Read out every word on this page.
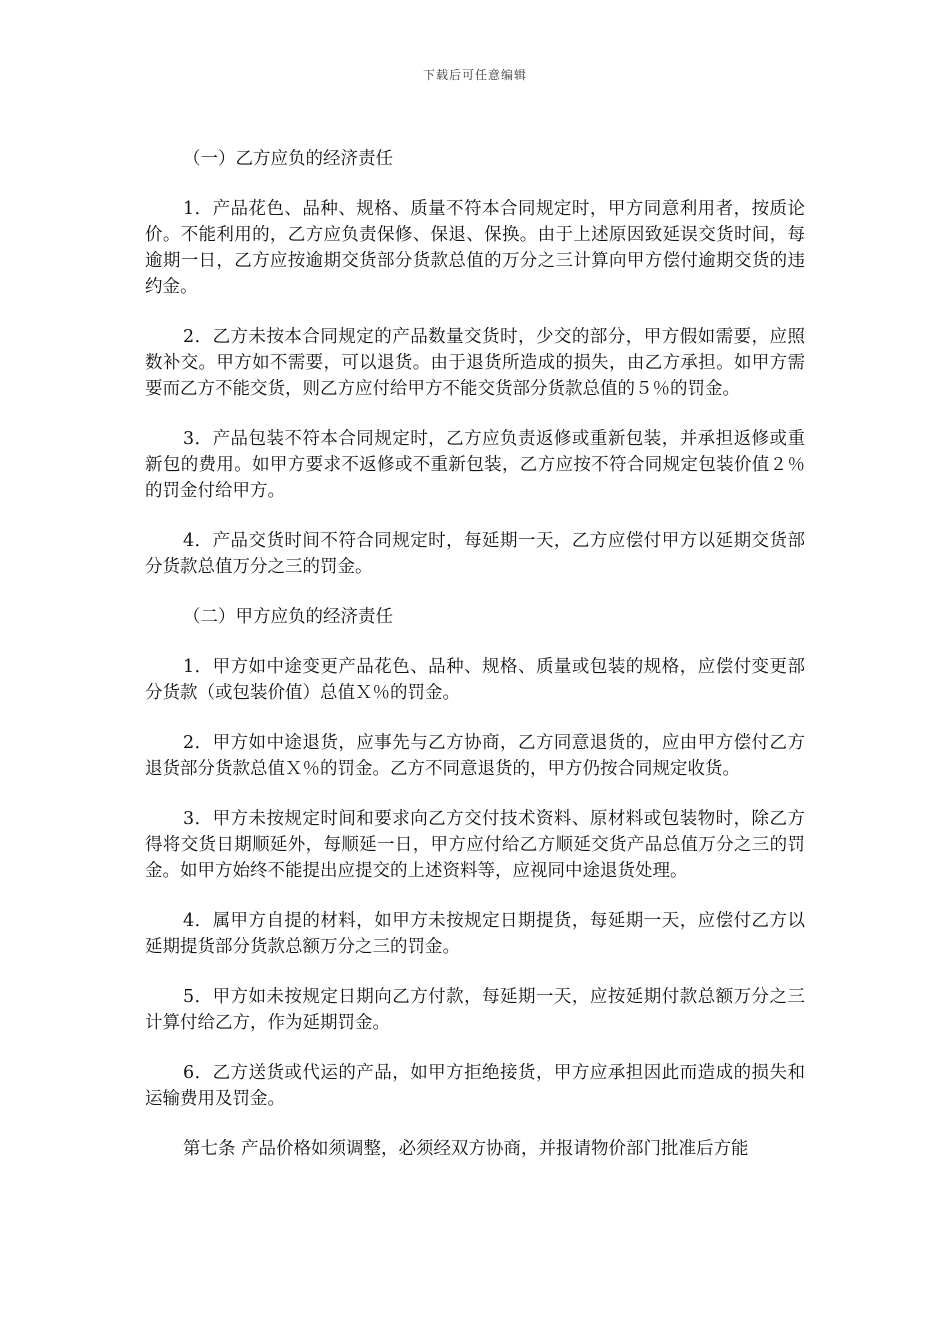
下载后可任意编辑

（一）乙方应负的经济责任

1．产品花色、品种、规格、质量不符本合同规定时，甲方同意利用者，按质论价。不能利用的，乙方应负责保修、保退、保换。由于上述原因致延误交货时间，每逾期一日，乙方应按逾期交货部分货款总值的万分之三计算向甲方偿付逾期交货的违约金。

2．乙方未按本合同规定的产品数量交货时，少交的部分，甲方假如需要，应照数补交。甲方如不需要，可以退货。由于退货所造成的损失，由乙方承担。如甲方需要而乙方不能交货，则乙方应付给甲方不能交货部分货款总值的５％的罚金。

3．产品包装不符本合同规定时，乙方应负责返修或重新包装，并承担返修或重新包的费用。如甲方要求不返修或不重新包装，乙方应按不符合同规定包装价值２％的罚金付给甲方。

4．产品交货时间不符合同规定时，每延期一天，乙方应偿付甲方以延期交货部分货款总值万分之三的罚金。

（二）甲方应负的经济责任

1．甲方如中途变更产品花色、品种、规格、质量或包装的规格，应偿付变更部分货款（或包装价值）总值Ｘ％的罚金。

2．甲方如中途退货，应事先与乙方协商，乙方同意退货的，应由甲方偿付乙方退货部分货款总值Ｘ％的罚金。乙方不同意退货的，甲方仍按合同规定收货。

3．甲方未按规定时间和要求向乙方交付技术资料、原材料或包装物时，除乙方得将交货日期顺延外，每顺延一日，甲方应付给乙方顺延交货产品总值万分之三的罚金。如甲方始终不能提出应提交的上述资料等，应视同中途退货处理。

4．属甲方自提的材料，如甲方未按规定日期提货，每延期一天，应偿付乙方以延期提货部分货款总额万分之三的罚金。

5．甲方如未按规定日期向乙方付款，每延期一天，应按延期付款总额万分之三计算付给乙方，作为延期罚金。

6．乙方送货或代运的产品，如甲方拒绝接货，甲方应承担因此而造成的损失和运输费用及罚金。

第七条 产品价格如须调整，必须经双方协商，并报请物价部门批准后方能
